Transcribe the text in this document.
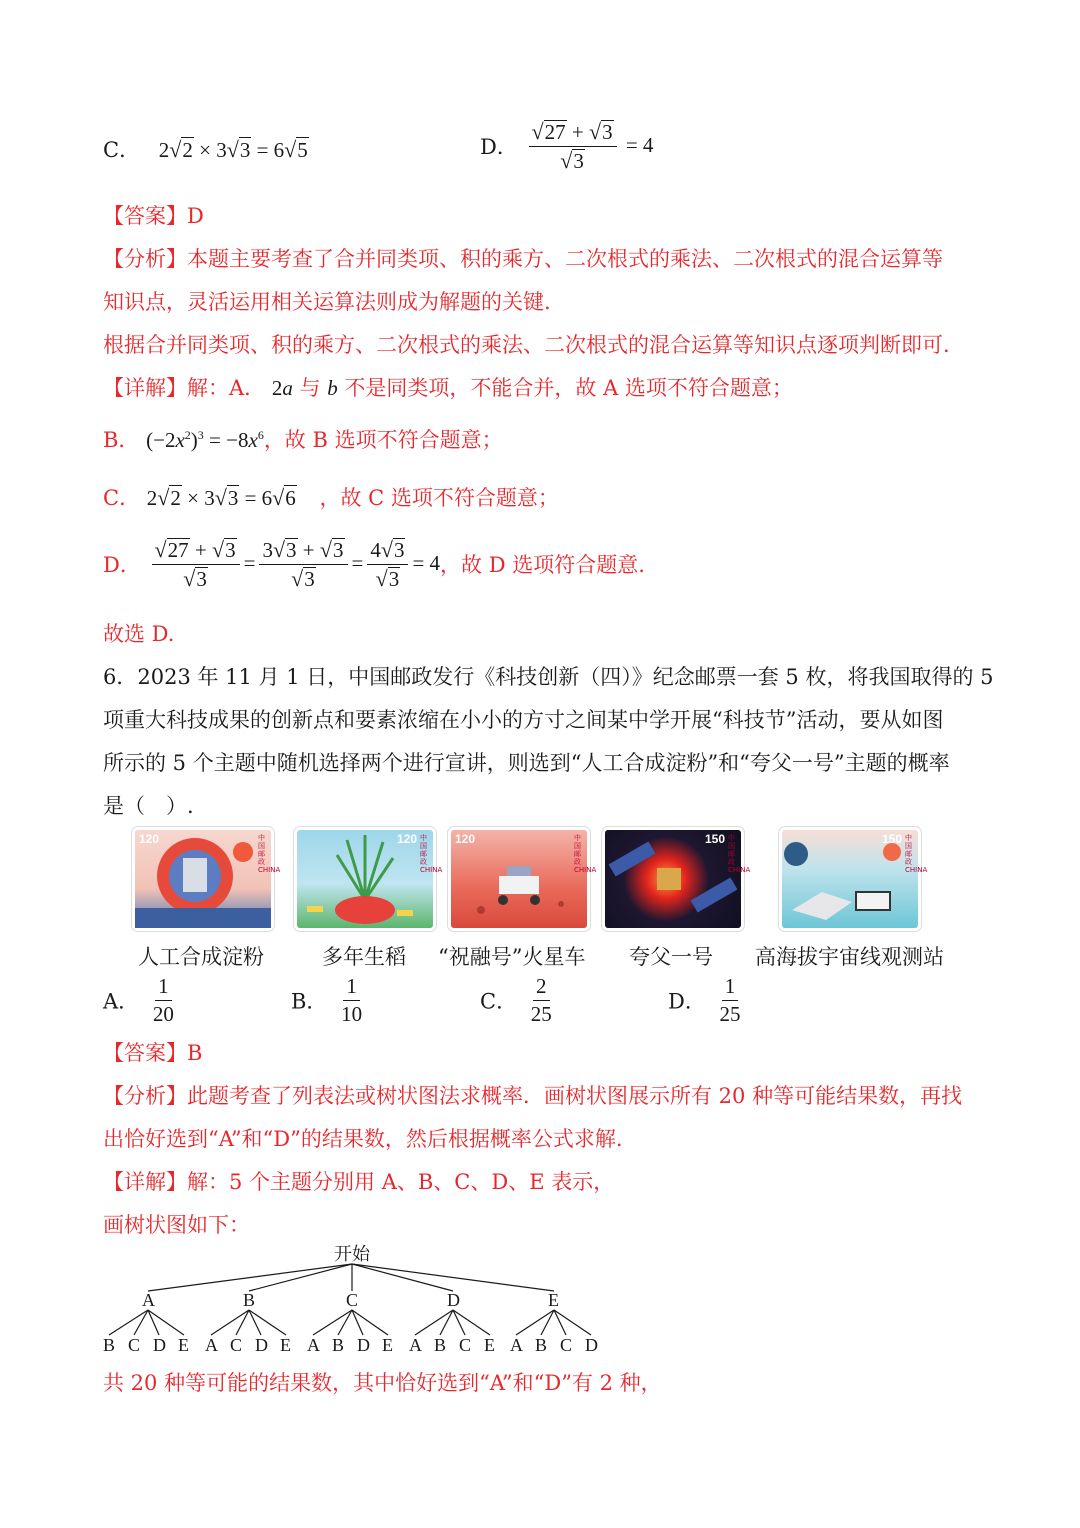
C． 2 √ 2 × 3 √ 3 = 6 √ 5	D． $\frac{√ 27 + √ 3}{√ 3} = 4$
【答案】D
【分析】本题主要考查了合并同类项、积的乘方、二次根式的乘法、二次根式的混合运算等
知识点，灵活运用相关运算法则成为解题的关键.
根据合并同类项、积的乘方、二次根式的乘法、二次根式的混合运算等知识点逐项判断即可.
【详解】解：A． 2a 与 b 不是同类项，不能合并，故 A 选项不符合题意；
B． $(-2x^2)^3 = -8x^6$，故 B 选项不符合题意；
C． 2 √ 2 × 3 √ 3 = 6 √ 6 ，故 C 选项不符合题意；
D． $\frac{√ 27 + √ 3}{√ 3} = \frac{3 √ 3 + √ 3}{√ 3} = \frac{4 √ 3}{√ 3} = 4$，故 D 选项符合题意.
故选 D.
6．2023 年 11 月 1 日，中国邮政发行《科技创新（四）》纪念邮票一套 5 枚，将我国取得的 5
项重大科技成果的创新点和要素浓缩在小小的方寸之间某中学开展“科技节”活动，要从如图
所示的 5 个主题中随机选择两个进行宣讲，则选到“人工合成淀粉”和“夸父一号”主题的概率
是（　）.
120	中国邮政 CHINA
120 中国邮政 CHINA
120	中国邮政 CHINA
150 中国邮政 CHINA
150 中国邮政 CHINA
人工合成淀粉	多年生稻 “祝融号”火星车 夸父一号 高海拔宇宙线观测站
A． $\frac{1}{20}$	B． $\frac{1}{10}$	C． $\frac{2}{25}$	D． $\frac{1}{25}$
【答案】B
【分析】此题考查了列表法或树状图法求概率．画树状图展示所有 20 种等可能结果数，再找
出恰好选到“A”和“D”的结果数，然后根据概率公式求解.
【详解】解：5 个主题分别用 A、B、C、D、E 表示，
画树状图如下：
开始
A	B	C	D	E
B C D E A C D E A B D E A B C E A B C D
共 20 种等可能的结果数，其中恰好选到“A”和“D”有 2 种，
